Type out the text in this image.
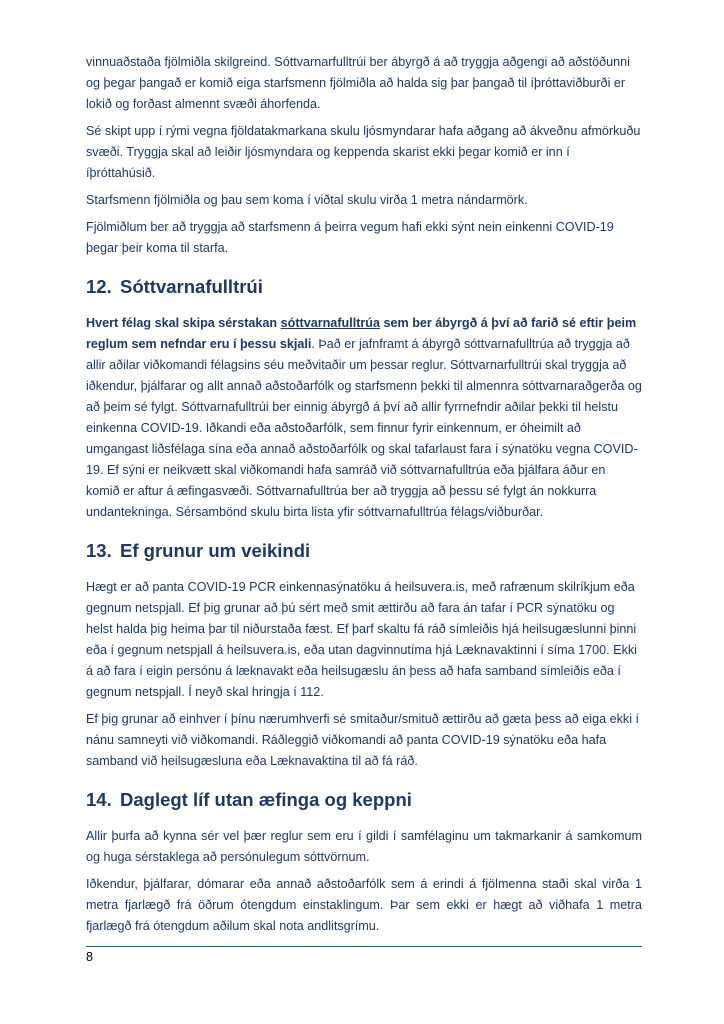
vinnuaðstaða fjölmiðla skilgreind. Sóttvarnarfulltrúi ber ábyrgð á að tryggja aðgengi að aðstöðunni og þegar þangað er komið eiga starfsmenn fjölmiðla að halda sig þar þangað til íþróttaviðburði er lokið og forðast almennt svæði áhorfenda.

Sé skipt upp í rými vegna fjöldatakmarkana skulu ljósmyndarar hafa aðgang að ákveðnu afmörkuðu svæði. Tryggja skal að leiðir ljósmyndara og keppenda skarist ekki þegar komið er inn í íþróttahúsið.

Starfsmenn fjölmiðla og þau sem koma í viðtal skulu virða 1 metra nándarmörk.

Fjölmiðlum ber að tryggja að starfsmenn á þeirra vegum hafi ekki sýnt nein einkenni COVID-19 þegar þeir koma til starfa.

12. Sóttvarnafulltrúi

Hvert félag skal skipa sérstakan sóttvarnafulltrúa sem ber ábyrgð á því að farið sé eftir þeim reglum sem nefndar eru í þessu skjali. Það er jafnframt á ábyrgð sóttvarnafulltrúa að tryggja að allir aðilar viðkomandi félagsins séu meðvitaðir um þessar reglur. Sóttvarnarfulltrúi skal tryggja að iðkendur, þjálfarar og allt annað aðstoðarfólk og starfsmenn þekki til almennra sóttvarnaraðgerða og að þeim sé fylgt. Sóttvarnafulltrúi ber einnig ábyrgð á því að allir fyrrnefndir aðilar þekki til helstu einkenna COVID-19. Iðkandi eða aðstoðarfólk, sem finnur fyrir einkennum, er óheimilt að umgangast liðsfélaga sína eða annað aðstoðarfólk og skal tafarlaust fara í sýnatöku vegna COVID-19. Ef sýni er neikvætt skal viðkomandi hafa samráð við sóttvarnafulltrúa eða þjálfara áður en komið er aftur á æfingasvæði. Sóttvarnafulltrúa ber að tryggja að þessu sé fylgt án nokkurra undantekninga. Sérsambönd skulu birta lista yfir sóttvarnafulltrúa félags/viðburðar.

13. Ef grunur um veikindi

Hægt er að panta COVID-19 PCR einkennasýnatöku á heilsuvera.is, með rafrænum skilríkjum eða gegnum netspjall. Ef þig grunar að þú sért með smit ættirðu að fara án tafar í PCR sýnatöku og helst halda þig heima þar til niðurstaða fæst. Ef þarf skaltu fá ráð símleiðis hjá heilsugæslunni þinni eða í gegnum netspjall á heilsuvera.is, eða utan dagvinnutíma hjá Læknavaktinni í síma 1700. Ekki á að fara í eigin persónu á læknavakt eða heilsugæslu án þess að hafa samband símleiðis eða í gegnum netspjall. Í neyð skal hringja í 112.

Ef þig grunar að einhver í þínu nærumhverfi sé smitaður/smituð ættirðu að gæta þess að eiga ekki í nánu samneyti við viðkomandi. Ráðleggið viðkomandi að panta COVID-19 sýnatöku eða hafa samband við heilsugæsluna eða Læknavaktina til að fá ráð.

14. Daglegt líf utan æfinga og keppni

Allir þurfa að kynna sér vel þær reglur sem eru í gildi í samfélaginu um takmarkanir á samkomum og huga sérstaklega að persónulegum sóttvörnum.

Iðkendur, þjálfarar, dómarar eða annað aðstoðarfólk sem á erindi á fjölmenna staði skal virða 1 metra fjarlægð frá öðrum ótengdum einstaklingum. Þar sem ekki er hægt að viðhafa 1 metra fjarlægð frá ótengdum aðilum skal nota andlitsgrímu.

8
